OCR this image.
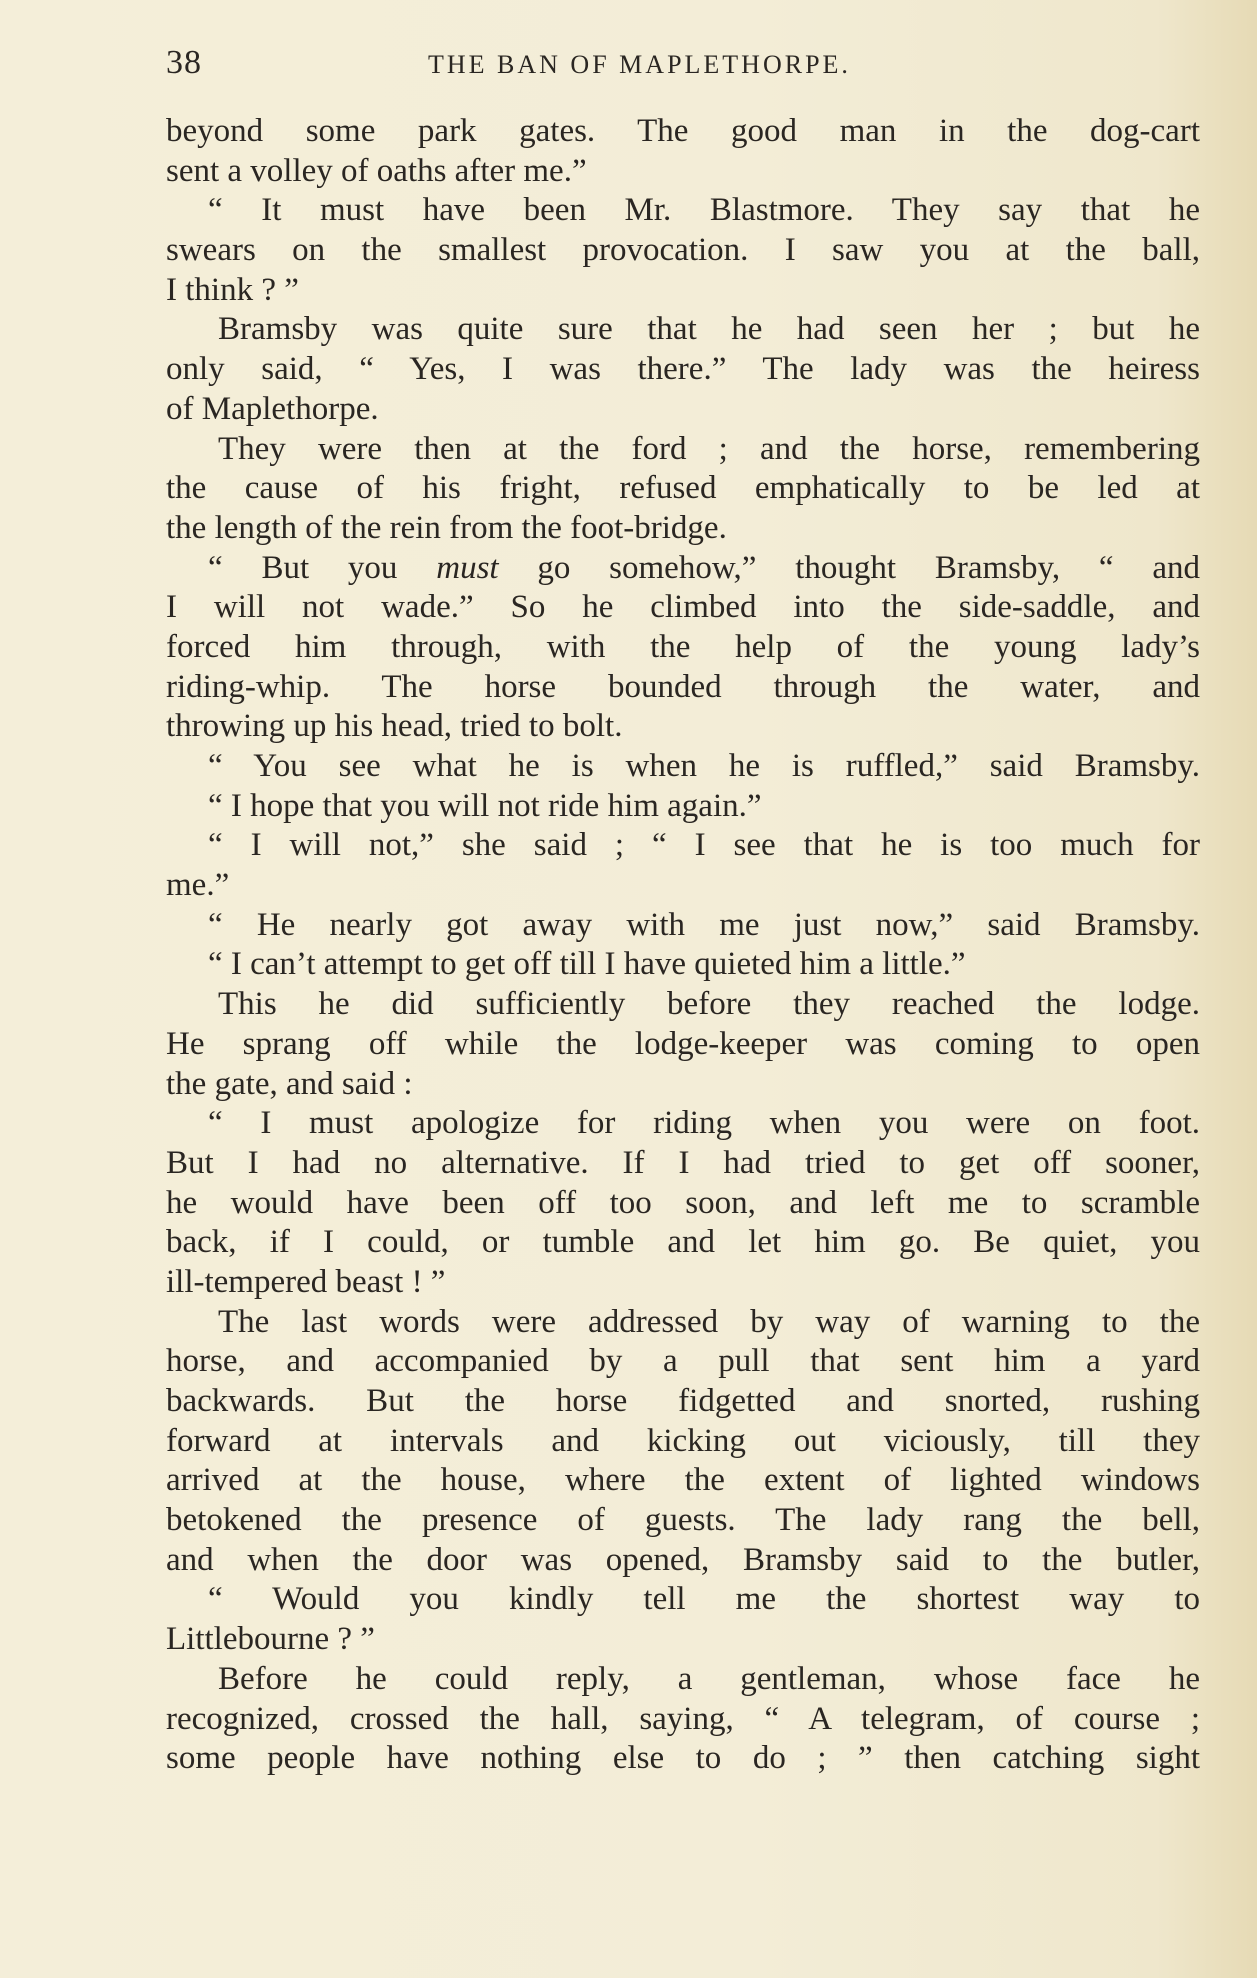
38	THE BAN OF MAPLETHORPE.
beyond some park gates. The good man in the dog-cart
sent a volley of oaths after me.”
“ It must have been Mr. Blastmore. They say that he
swears on the smallest provocation. I saw you at the ball,
I think ? ”
Bramsby was quite sure that he had seen her ; but he
only said, “ Yes, I was there.” The lady was the heiress
of Maplethorpe.
They were then at the ford ; and the horse, remembering
the cause of his fright, refused emphatically to be led at
the length of the rein from the foot-bridge.
“ But you must go somehow,” thought Bramsby, “ and
I will not wade.” So he climbed into the side-saddle, and
forced him through, with the help of the young lady’s
riding-whip. The horse bounded through the water, and
throwing up his head, tried to bolt.
“ You see what he is when he is ruffled,” said Bramsby.
“ I hope that you will not ride him again.”
“ I will not,” she said ; “ I see that he is too much for
me.”
“ He nearly got away with me just now,” said Bramsby.
“ I can’t attempt to get off till I have quieted him a little.”
This he did sufficiently before they reached the lodge.
He sprang off while the lodge-keeper was coming to open
the gate, and said :
“ I must apologize for riding when you were on foot.
But I had no alternative. If I had tried to get off sooner,
he would have been off too soon, and left me to scramble
back, if I could, or tumble and let him go. Be quiet, you
ill-tempered beast ! ”
The last words were addressed by way of warning to the
horse, and accompanied by a pull that sent him a yard
backwards. But the horse fidgetted and snorted, rushing
forward at intervals and kicking out viciously, till they
arrived at the house, where the extent of lighted windows
betokened the presence of guests. The lady rang the bell,
and when the door was opened, Bramsby said to the butler,
“ Would you kindly tell me the shortest way to
Littlebourne ? ”
Before he could reply, a gentleman, whose face he
recognized, crossed the hall, saying, “ A telegram, of course ;
some people have nothing else to do ; ” then catching sight
